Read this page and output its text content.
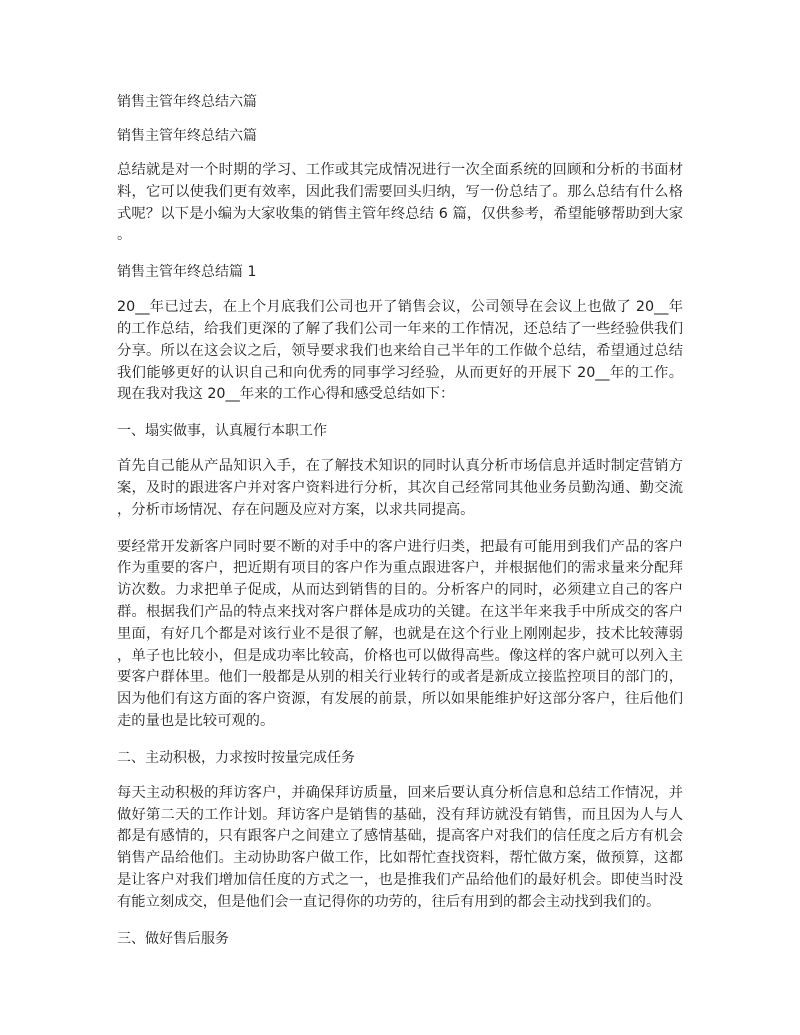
销售主管年终总结六篇
销售主管年终总结六篇
总结就是对一个时期的学习、工作或其完成情况进行一次全面系统的回顾和分析的书面材
料，它可以使我们更有效率，因此我们需要回头归纳，写一份总结了。那么总结有什么格
式呢？以下是小编为大家收集的销售主管年终总结 6 篇，仅供参考，希望能够帮助到大家
。
销售主管年终总结篇 1
20__年已过去，在上个月底我们公司也开了销售会议，公司领导在会议上也做了 20__年
的工作总结，给我们更深的了解了我们公司一年来的工作情况，还总结了一些经验供我们
分享。所以在这会议之后，领导要求我们也来给自己半年的工作做个总结，希望通过总结
我们能够更好的认识自己和向优秀的同事学习经验，从而更好的开展下 20__年的工作。
现在我对我这 20__年来的工作心得和感受总结如下：
一、塌实做事，认真履行本职工作
首先自己能从产品知识入手，在了解技术知识的同时认真分析市场信息并适时制定营销方
案，及时的跟进客户并对客户资料进行分析，其次自己经常同其他业务员勤沟通、勤交流
，分析市场情况、存在问题及应对方案，以求共同提高。
要经常开发新客户同时要不断的对手中的客户进行归类，把最有可能用到我们产品的客户
作为重要的客户，把近期有项目的客户作为重点跟进客户，并根据他们的需求量来分配拜
访次数。力求把单子促成，从而达到销售的目的。分析客户的同时，必须建立自己的客户
群。根据我们产品的特点来找对客户群体是成功的关键。在这半年来我手中所成交的客户
里面，有好几个都是对该行业不是很了解，也就是在这个行业上刚刚起步，技术比较薄弱
，单子也比较小，但是成功率比较高，价格也可以做得高些。像这样的客户就可以列入主
要客户群体里。他们一般都是从别的相关行业转行的或者是新成立接监控项目的部门的，
因为他们有这方面的客户资源，有发展的前景，所以如果能维护好这部分客户，往后他们
走的量也是比较可观的。
二、主动积极，力求按时按量完成任务
每天主动积极的拜访客户，并确保拜访质量，回来后要认真分析信息和总结工作情况，并
做好第二天的工作计划。拜访客户是销售的基础，没有拜访就没有销售，而且因为人与人
都是有感情的，只有跟客户之间建立了感情基础，提高客户对我们的信任度之后方有机会
销售产品给他们。主动协助客户做工作，比如帮忙查找资料，帮忙做方案，做预算，这都
是让客户对我们增加信任度的方式之一，也是推我们产品给他们的最好机会。即使当时没
有能立刻成交，但是他们会一直记得你的功劳的，往后有用到的都会主动找到我们的。
三、做好售后服务
